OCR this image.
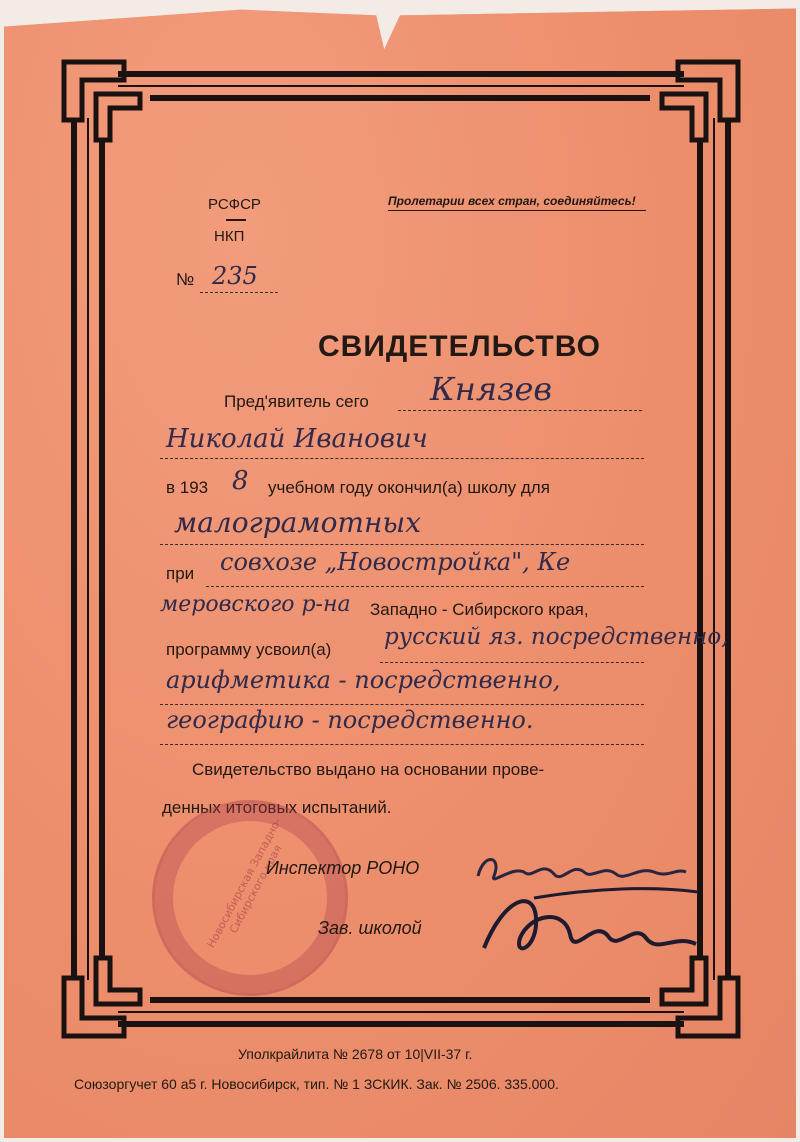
РСФСР
НКП
№ 235
Пролетарии всех стран, соединяйтесь!
СВИДЕТЕЛЬСТВО
Пред'явитель сего Князев
Николай Иванович
в 193 8 учебном году окончил(а) школу для
малограмотных
при совхозе „Новостройка", Ке
меровского р-на Западно - Сибирского края,
программу усвоил(а) русский яз. посредственно,
арифметика - посредственно,
географию - посредственно.
Свидетельство выдано на основании прове-
денных итоговых испытаний.
Новосибирская Западно-Сибирского края
Инспектор РОНО
Зав. школой
Уполкрайлита № 2678 от 10|VII-37 г.
Союзоргучет 60 а5 г. Новосибирск, тип. № 1 ЗСКИК. Зак. № 2506. 335.000.
